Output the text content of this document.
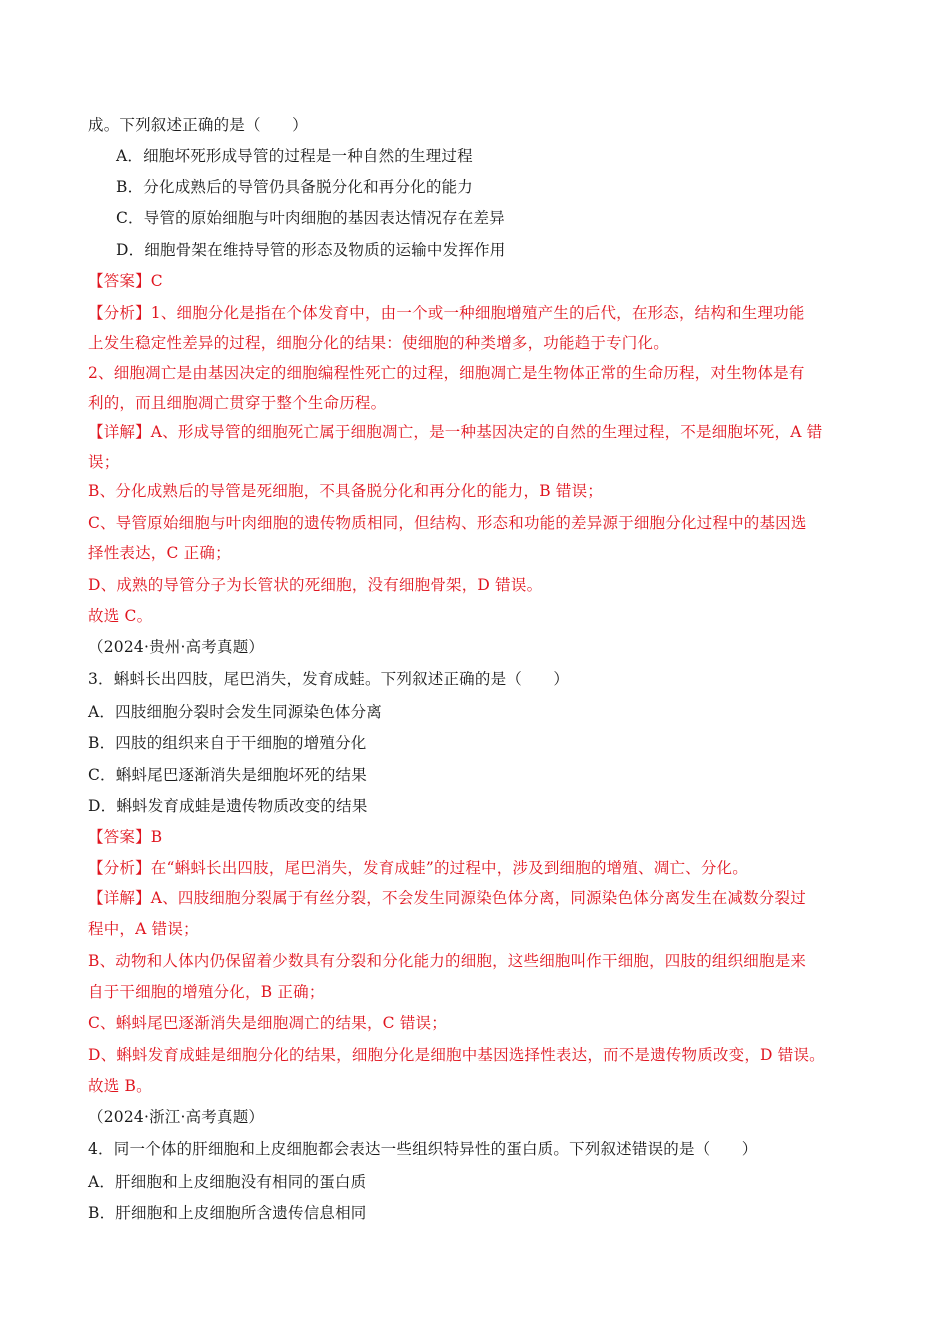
成。下列叙述正确的是（　　）
A．细胞坏死形成导管的过程是一种自然的生理过程
B．分化成熟后的导管仍具备脱分化和再分化的能力
C．导管的原始细胞与叶肉细胞的基因表达情况存在差异
D．细胞骨架在维持导管的形态及物质的运输中发挥作用
【答案】C
【分析】1、细胞分化是指在个体发育中，由一个或一种细胞增殖产生的后代，在形态，结构和生理功能
上发生稳定性差异的过程，细胞分化的结果：使细胞的种类增多，功能趋于专门化。
2、细胞凋亡是由基因决定的细胞编程性死亡的过程，细胞凋亡是生物体正常的生命历程，对生物体是有
利的，而且细胞凋亡贯穿于整个生命历程。
【详解】A、形成导管的细胞死亡属于细胞凋亡，是一种基因决定的自然的生理过程，不是细胞坏死，A 错
误；
B、分化成熟后的导管是死细胞，不具备脱分化和再分化的能力，B 错误；
C、导管原始细胞与叶肉细胞的遗传物质相同，但结构、形态和功能的差异源于细胞分化过程中的基因选
择性表达，C 正确；
D、成熟的导管分子为长管状的死细胞，没有细胞骨架，D 错误。
故选 C。
（2024·贵州·高考真题）
3．蝌蚪长出四肢，尾巴消失，发育成蛙。下列叙述正确的是（　　）
A．四肢细胞分裂时会发生同源染色体分离
B．四肢的组织来自于干细胞的增殖分化
C．蝌蚪尾巴逐渐消失是细胞坏死的结果
D．蝌蚪发育成蛙是遗传物质改变的结果
【答案】B
【分析】在“蝌蚪长出四肢，尾巴消失，发育成蛙”的过程中，涉及到细胞的增殖、凋亡、分化。
【详解】A、四肢细胞分裂属于有丝分裂，不会发生同源染色体分离，同源染色体分离发生在减数分裂过
程中，A 错误；
B、动物和人体内仍保留着少数具有分裂和分化能力的细胞，这些细胞叫作干细胞，四肢的组织细胞是来
自于干细胞的增殖分化，B 正确；
C、蝌蚪尾巴逐渐消失是细胞凋亡的结果，C 错误；
D、蝌蚪发育成蛙是细胞分化的结果，细胞分化是细胞中基因选择性表达，而不是遗传物质改变，D 错误。
故选 B。
（2024·浙江·高考真题）
4．同一个体的肝细胞和上皮细胞都会表达一些组织特异性的蛋白质。下列叙述错误的是（　　）
A．肝细胞和上皮细胞没有相同的蛋白质
B．肝细胞和上皮细胞所含遗传信息相同
